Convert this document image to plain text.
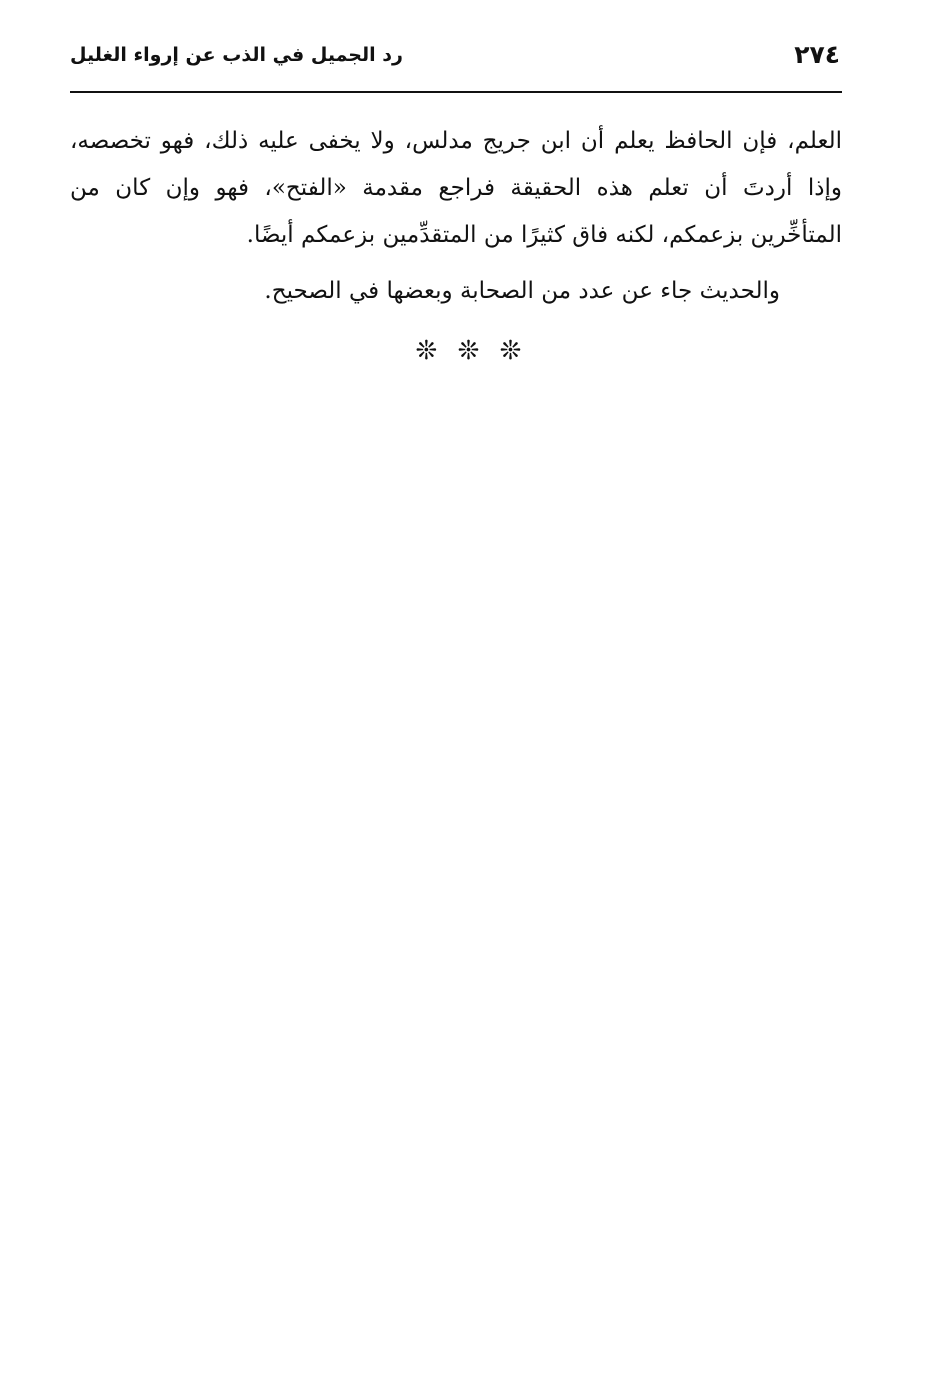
٢٧٤
رد الجميل في الذب عن إرواء الغليل

العلم، فإن الحافظ يعلم أن ابن جريج مدلس، ولا يخفى عليه ذلك، فهو تخصصه، وإذا أردتَ أن تعلم هذه الحقيقة فراجع مقدمة «الفتح»، فهو وإن كان من المتأخِّرين بزعمكم، لكنه فاق كثيرًا من المتقدِّمين بزعمكم أيضًا.

والحديث جاء عن عدد من الصحابة وبعضها في الصحيح.

❊ ❊ ❊
